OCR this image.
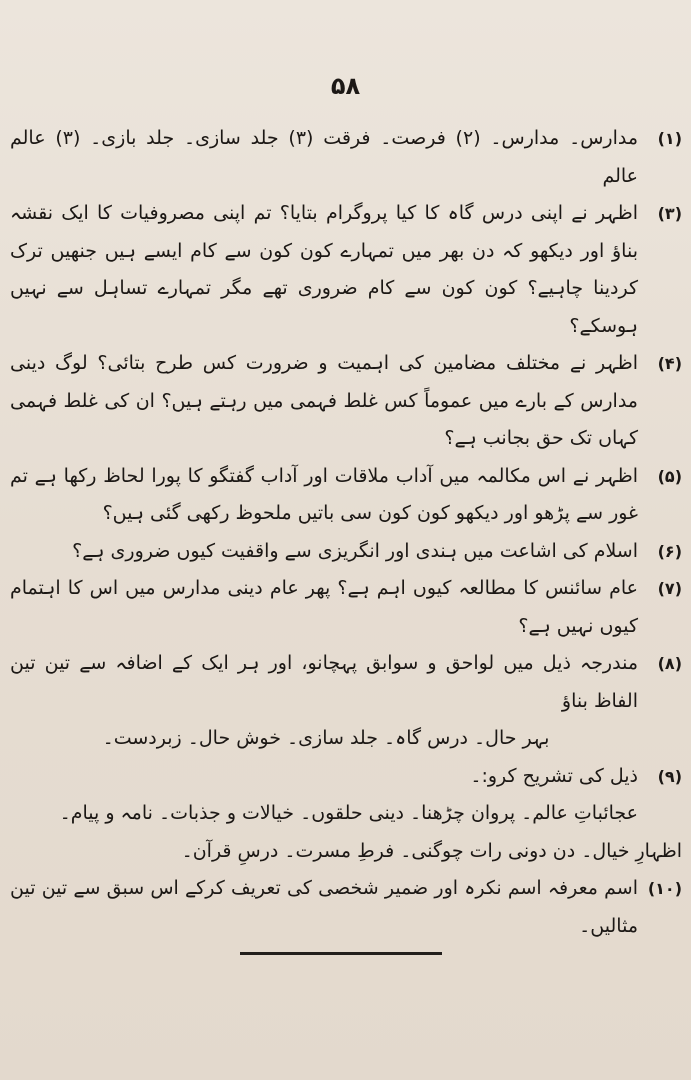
۵۸

(۱)
مدارس۔ مدارس۔ (۲) فرصت۔ فرقت (۳) جلد سازی۔ جلد بازی۔ (۳) عالم عالم

(۳)
اظہر نے اپنی درس گاہ کا کیا پروگرام بتایا؟ تم اپنی مصروفیات کا ایک نقشہ بناؤ اور دیکھو کہ دن بھر میں تمہارے کون کون سے کام ایسے ہیں جنھیں ترک کردینا چاہیے؟ کون کون سے کام ضروری تھے مگر تمہارے تساہل سے نہیں ہوسکے؟

(۴)
اظہر نے مختلف مضامین کی اہمیت و ضرورت کس طرح بتائی؟ لوگ دینی مدارس کے بارے میں عموماً کس غلط فہمی میں رہتے ہیں؟ ان کی غلط فہمی کہاں تک حق بجانب ہے؟

(۵)
اظہر نے اس مکالمہ میں آداب ملاقات اور آداب گفتگو کا پورا لحاظ رکھا ہے تم غور سے پڑھو اور دیکھو کون کون سی باتیں ملحوظ رکھی گئی ہیں؟

(۶)
اسلام کی اشاعت میں ہندی اور انگریزی سے واقفیت کیوں ضروری ہے؟

(۷)
عام سائنس کا مطالعہ کیوں اہم ہے؟ پھر عام دینی مدارس میں اس کا اہتمام کیوں نہیں ہے؟

(۸)
مندرجہ ذیل میں لواحق و سوابق پہچانو، اور ہر ایک کے اضافہ سے تین تین الفاظ بناؤ

بہر حال۔ درس گاہ۔ جلد سازی۔ خوش حال۔ زبردست۔

(۹)
ذیل کی تشریح کرو:۔

عجائباتِ عالم۔ پروان چڑھنا۔ دینی حلقوں۔ خیالات و جذبات۔ نامہ و پیام۔

اظہارِ خیال۔ دن دونی رات چوگنی۔ فرطِ مسرت۔ درسِ قرآن۔

(۱۰)
اسم معرفہ اسم نکرہ اور ضمیر شخصی کی تعریف کرکے اس سبق سے تین تین مثالیں۔
